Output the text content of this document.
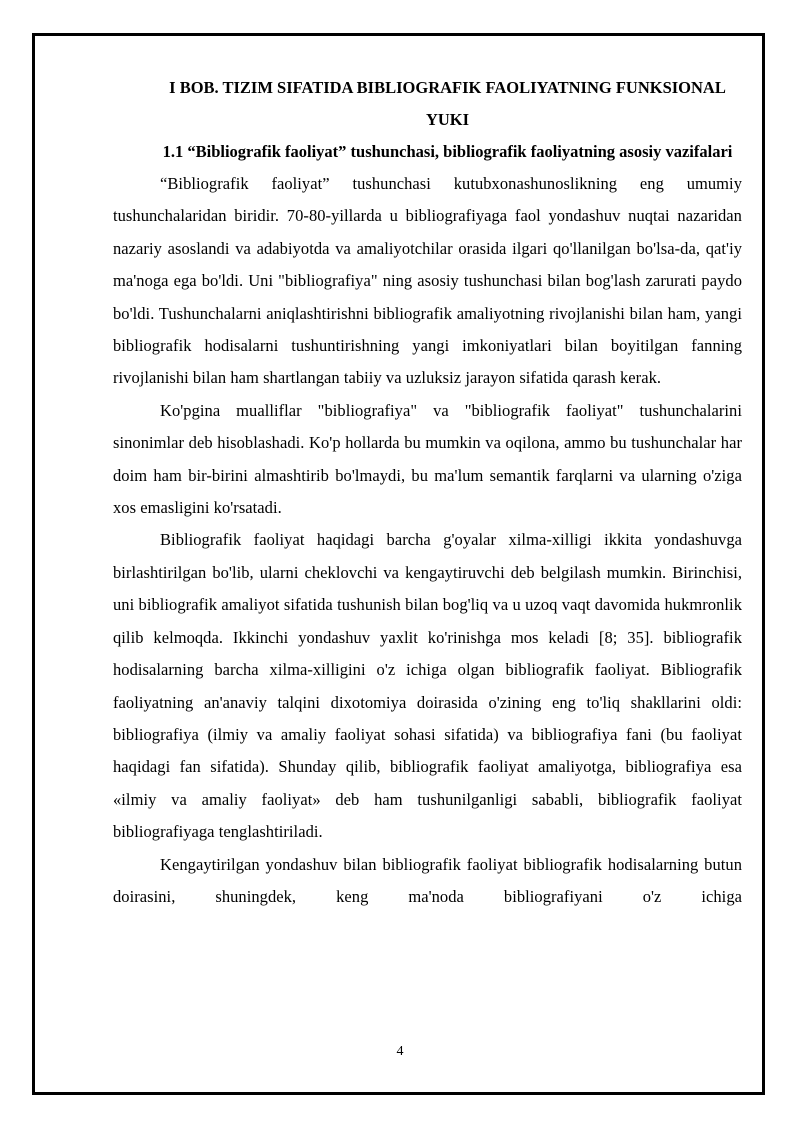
I BOB. TIZIM SIFATIDA BIBLIOGRAFIK FAOLIYATNING FUNKSIONAL YUKI
1.1 “Bibliografik faoliyat” tushunchasi, bibliografik faoliyatning asosiy vazifalari

“Bibliografik faoliyat” tushunchasi kutubxonashunoslikning eng umumiy tushunchalaridan biridir. 70-80-yillarda u bibliografiyaga faol yondashuv nuqtai nazaridan nazariy asoslandi va adabiyotda va amaliyotchilar orasida ilgari qo'llanilgan bo'lsa-da, qat'iy ma'noga ega bo'ldi. Uni "bibliografiya" ning asosiy tushunchasi bilan bog'lash zarurati paydo bo'ldi. Tushunchalarni aniqlashtirishni bibliografik amaliyotning rivojlanishi bilan ham, yangi bibliografik hodisalarni tushuntirishning yangi imkoniyatlari bilan boyitilgan fanning rivojlanishi bilan ham shartlangan tabiiy va uzluksiz jarayon sifatida qarash kerak.

Ko'pgina mualliflar "bibliografiya" va "bibliografik faoliyat" tushunchalarini sinonimlar deb hisoblashadi. Ko'p hollarda bu mumkin va oqilona, ammo bu tushunchalar har doim ham bir-birini almashtirib bo'lmaydi, bu ma'lum semantik farqlarni va ularning o'ziga xos emasligini ko'rsatadi.

Bibliografik faoliyat haqidagi barcha g'oyalar xilma-xilligi ikkita yondashuvga birlashtirilgan bo'lib, ularni cheklovchi va kengaytiruvchi deb belgilash mumkin. Birinchisi, uni bibliografik amaliyot sifatida tushunish bilan bog'liq va u uzoq vaqt davomida hukmronlik qilib kelmoqda. Ikkinchi yondashuv yaxlit ko'rinishga mos keladi [8; 35]. bibliografik hodisalarning barcha xilma-xilligini o'z ichiga olgan bibliografik faoliyat. Bibliografik faoliyatning an'anaviy talqini dixotomiya doirasida o'zining eng to'liq shakllarini oldi: bibliografiya (ilmiy va amaliy faoliyat sohasi sifatida) va bibliografiya fani (bu faoliyat haqidagi fan sifatida). Shunday qilib, bibliografik faoliyat amaliyotga, bibliografiya esa «ilmiy va amaliy faoliyat» deb ham tushunilganligi sababli, bibliografik faoliyat bibliografiyaga tenglashtiriladi.

Kengaytirilgan yondashuv bilan bibliografik faoliyat bibliografik hodisalarning butun doirasini, shuningdek, keng ma'noda bibliografiyani o'z ichiga

4
